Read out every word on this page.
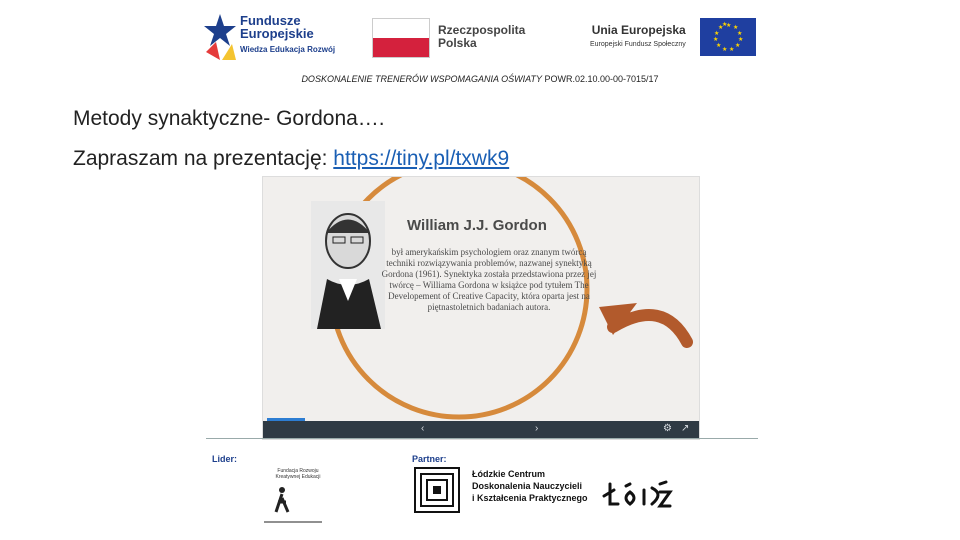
Fundusze
Europejskie
Wiedza Edukacja Rozwój
Rzeczpospolita
Polska
Unia Europejska
Europejski Fundusz Społeczny
★ ★
★
★
★
★
★
★
★
★
★
★
DOSKONALENIE TRENERÓW WSPOMAGANIA OŚWIATY POWR.02.10.00-00-7015/17
Metody synaktyczne- Gordona….
Zapraszam na prezentację: https://tiny.pl/txwk9
William J.J. Gordon
był amerykańskim psychologiem oraz znanym twórcą techniki rozwiązywania problemów, nazwanej synektyką Gordona (1961). Synektyka została przedstawiona przez jej twórcę – Williama Gordona w książce pod tytułem The Developement of Creative Capacity, która oparta jest na piętnastoletnich badaniach autora.
‹	›	⚙ ↗
Lider:	Partner:
Fundacja Rozwoju Kreatywnej Edukacji	Łódzkie Centrum
Doskonalenia Nauczycieli
i Kształcenia Praktycznego
